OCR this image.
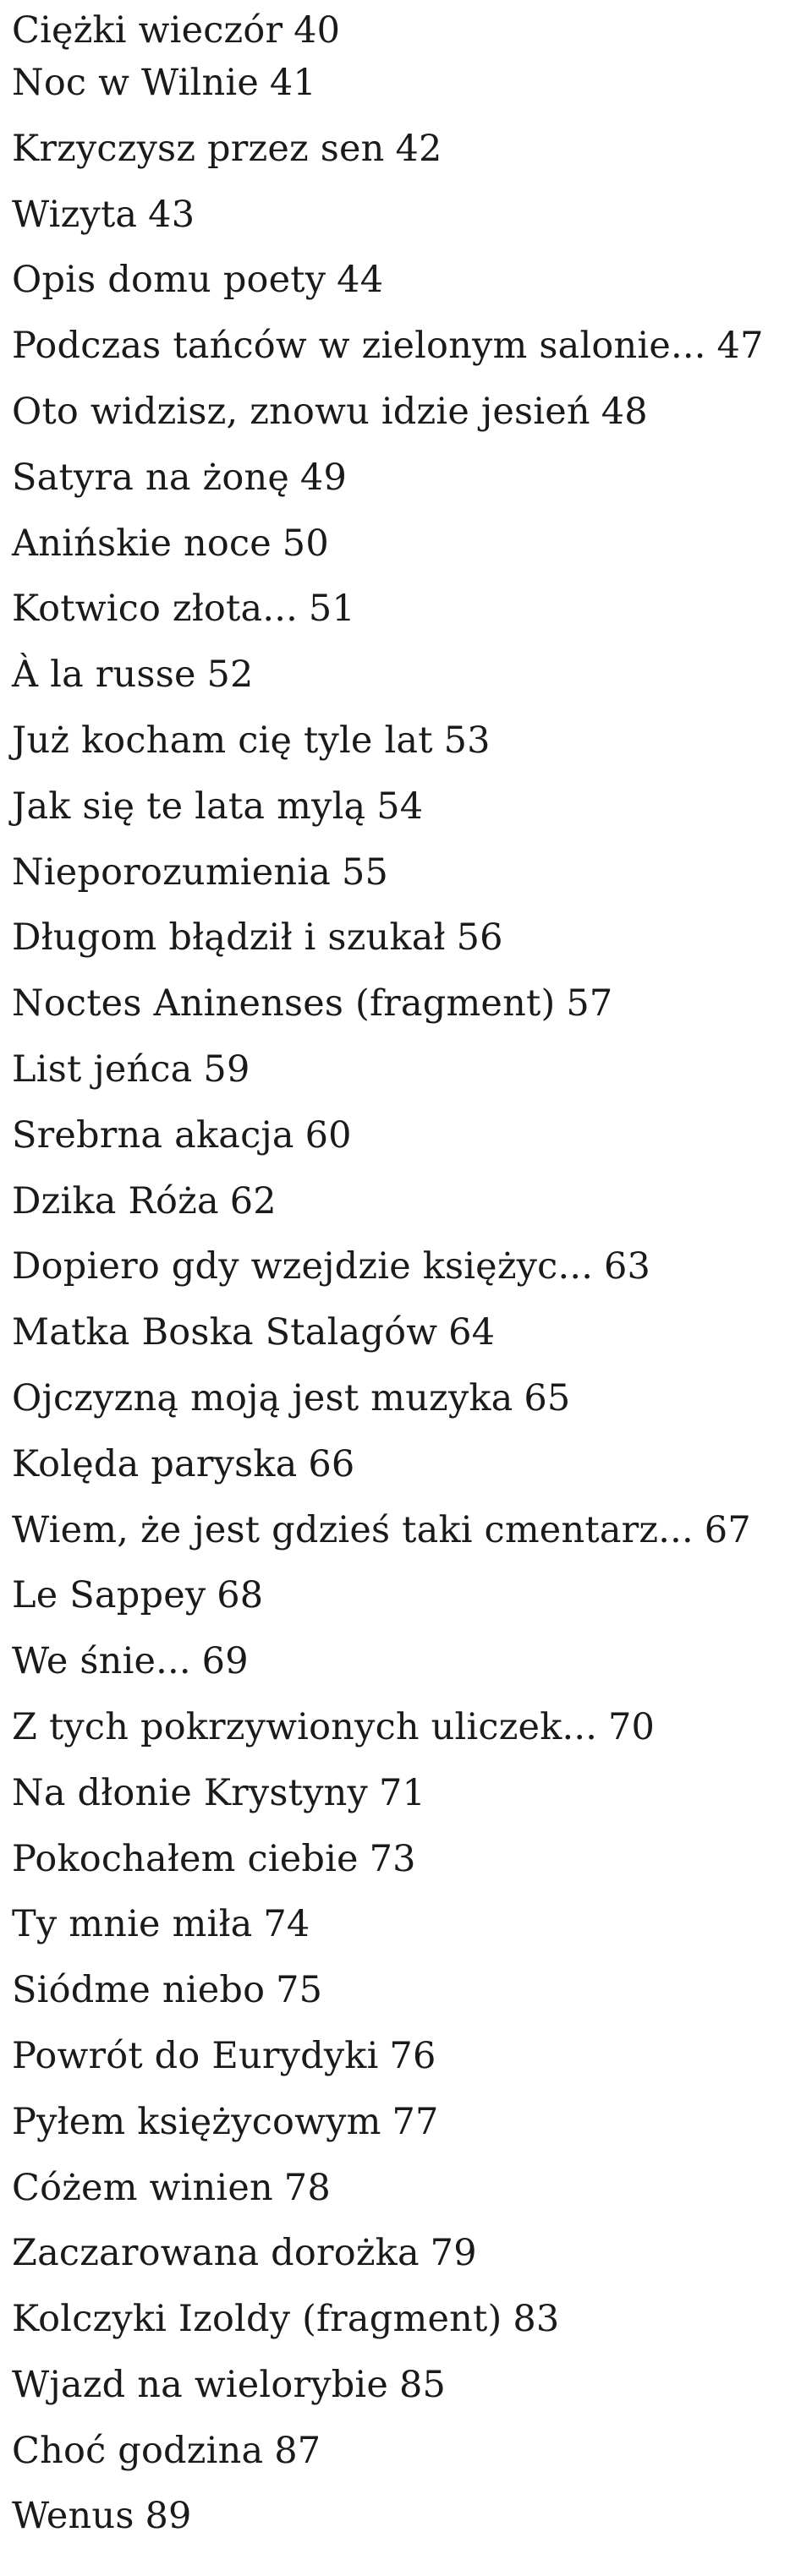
Ciężki wieczór 40
Noc w Wilnie 41
Krzyczysz przez sen 42
Wizyta 43
Opis domu poety 44
Podczas tańców w zielonym salonie... 47
Oto widzisz, znowu idzie jesień 48
Satyra na żonę 49
Anińskie noce 50
Kotwico złota... 51
À la russe 52
Już kocham cię tyle lat 53
Jak się te lata mylą 54
Nieporozumienia 55
Długom błądził i szukał 56
Noctes Aninenses (fragment) 57
List jeńca 59
Srebrna akacja 60
Dzika Róża 62
Dopiero gdy wzejdzie księżyc... 63
Matka Boska Stalagów 64
Ojczyzną moją jest muzyka 65
Kolęda paryska 66
Wiem, że jest gdzieś taki cmentarz... 67
Le Sappey 68
We śnie... 69
Z tych pokrzywionych uliczek... 70
Na dłonie Krystyny 71
Pokochałem ciebie 73
Ty mnie miła 74
Siódme niebo 75
Powrót do Eurydyki 76
Pyłem księżycowym 77
Cóżem winien 78
Zaczarowana dorożka 79
Kolczyki Izoldy (fragment) 83
Wjazd na wielorybie 85
Choć godzina 87
Wenus 89
